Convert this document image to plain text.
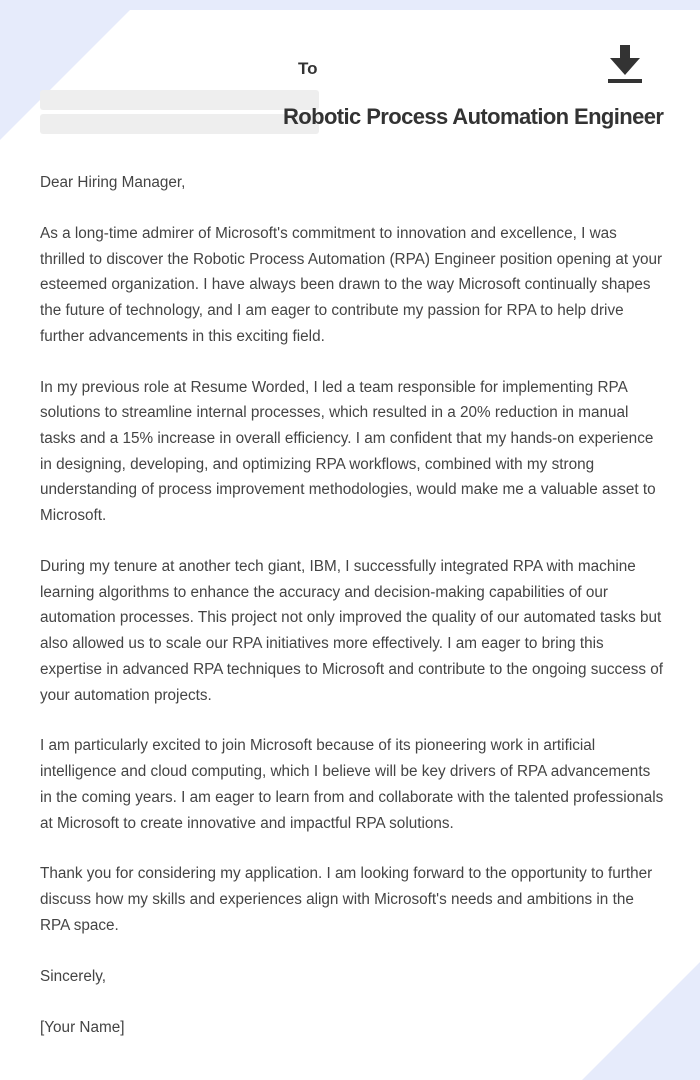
To
Robotic Process Automation Engineer

Dear Hiring Manager,

As a long-time admirer of Microsoft's commitment to innovation and excellence, I was thrilled to discover the Robotic Process Automation (RPA) Engineer position opening at your esteemed organization. I have always been drawn to the way Microsoft continually shapes the future of technology, and I am eager to contribute my passion for RPA to help drive further advancements in this exciting field.

In my previous role at Resume Worded, I led a team responsible for implementing RPA solutions to streamline internal processes, which resulted in a 20% reduction in manual tasks and a 15% increase in overall efficiency. I am confident that my hands-on experience in designing, developing, and optimizing RPA workflows, combined with my strong understanding of process improvement methodologies, would make me a valuable asset to Microsoft.

During my tenure at another tech giant, IBM, I successfully integrated RPA with machine learning algorithms to enhance the accuracy and decision-making capabilities of our automation processes. This project not only improved the quality of our automated tasks but also allowed us to scale our RPA initiatives more effectively. I am eager to bring this expertise in advanced RPA techniques to Microsoft and contribute to the ongoing success of your automation projects.

I am particularly excited to join Microsoft because of its pioneering work in artificial intelligence and cloud computing, which I believe will be key drivers of RPA advancements in the coming years. I am eager to learn from and collaborate with the talented professionals at Microsoft to create innovative and impactful RPA solutions.

Thank you for considering my application. I am looking forward to the opportunity to further discuss how my skills and experiences align with Microsoft's needs and ambitions in the RPA space.

Sincerely,

[Your Name]
